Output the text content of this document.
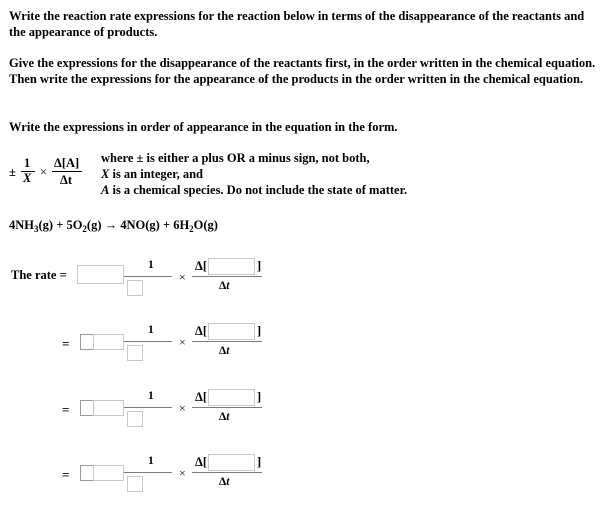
Write the reaction rate expressions for the reaction below in terms of the disappearance of the reactants and the appearance of products.
Give the expressions for the disappearance of the reactants first, in the order written in the chemical equation. Then write the expressions for the appearance of the products in the order written in the chemical equation.
Write the expressions in order of appearance in the equation in the form.
±
1
X ×
Δ[A]
Δt
where ± is either a plus OR a minus sign, not both,
X is an integer, and
A is a chemical species. Do not include the state of matter.
$4NH_3(g) + 5O_2(g) \to 4NO(g) + 6H_2O(g)$
The rate =
1
×
Δ[	]
Δt
=
1
×
Δ[	]
Δt
=
1
×
Δ[	]
Δt
=
1
×
Δ[	]
Δt
